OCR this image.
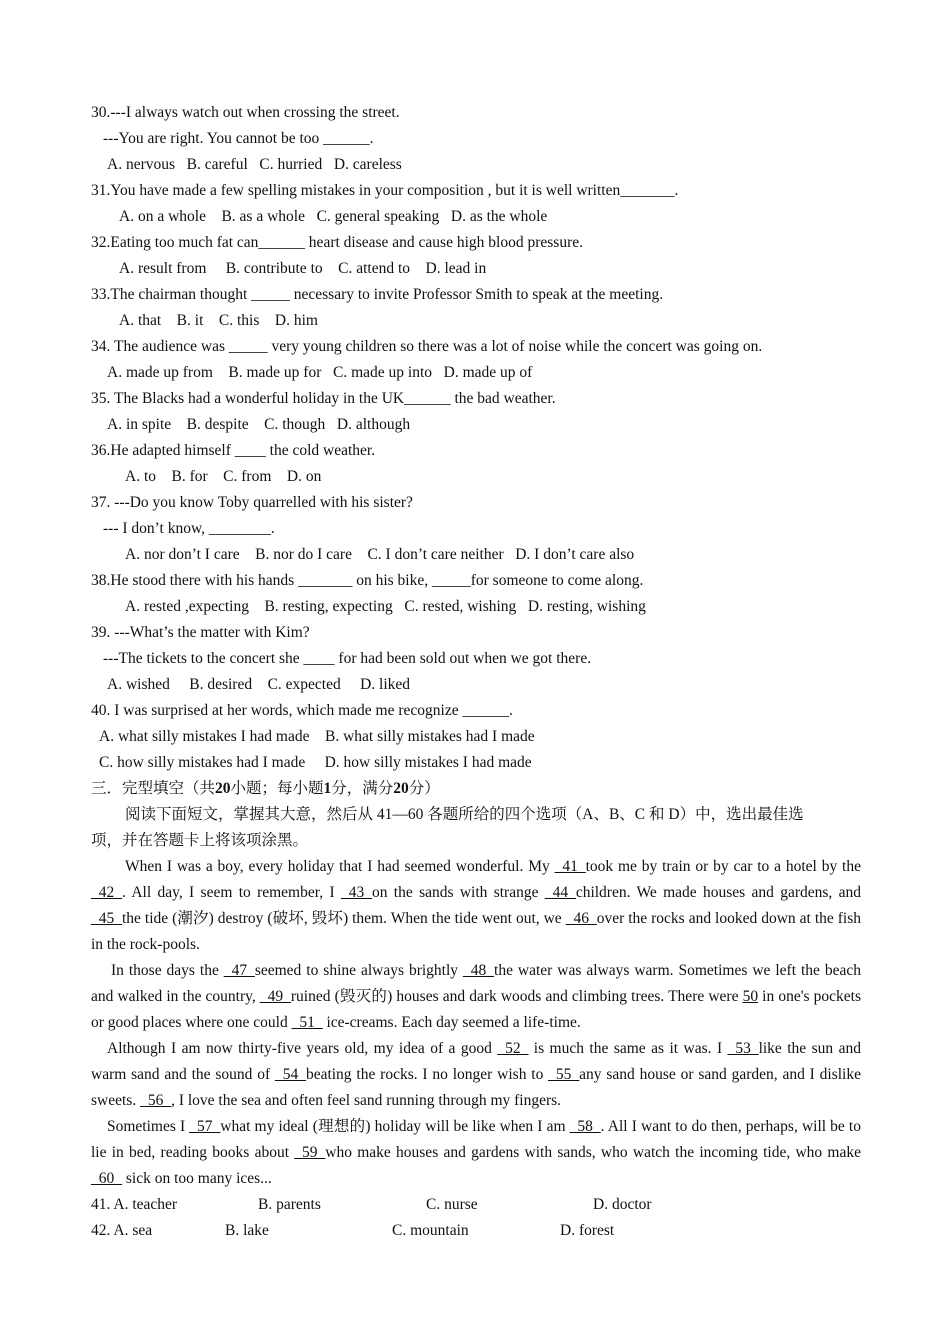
30.---I always watch out when crossing the street.
---You are right. You cannot be too ______.
A. nervous   B. careful   C. hurried   D. careless
31.You have made a few spelling mistakes in your composition , but it is well written_______.
A. on a whole    B. as a whole   C. general speaking   D. as the whole
32.Eating too much fat can______ heart disease and cause high blood pressure.
A. result from     B. contribute to    C. attend to    D. lead in
33.The chairman thought _____ necessary to invite Professor Smith to speak at the meeting.
A. that    B. it    C. this    D. him
34. The audience was _____ very young children so there was a lot of noise while the concert was going on.
A. made up from    B. made up for   C. made up into   D. made up of
35. The Blacks had a wonderful holiday in the UK______ the bad weather.
A. in spite    B. despite    C. though   D. although
36.He adapted himself ____ the cold weather.
A. to    B. for    C. from    D. on
37. ---Do you know Toby quarrelled with his sister?
--- I don’t know, ________.
A. nor don’t I care    B. nor do I care    C. I don’t care neither   D. I don’t care also
38.He stood there with his hands _______ on his bike, _____for someone to come along.
A. rested ,expecting    B. resting, expecting   C. rested, wishing   D. resting, wishing
39. ---What’s the matter with Kim?
---The tickets to the concert she ____ for had been sold out when we got there.
A. wished     B. desired    C. expected     D. liked
40. I was surprised at her words, which made me recognize ______.
A. what silly mistakes I had made    B. what silly mistakes had I made
C. how silly mistakes had I made     D. how silly mistakes I had made
三．完型填空（共20小题；每小题1分，满分20分）
阅读下面短文，掌握其大意，然后从 41—60 各题所给的四个选项（A、B、C 和 D）中，选出最佳选
项，并在答题卡上将该项涂黑。

When I was a boy, every holiday that I had seemed wonderful. My _41_took me by train or by car to a hotel by the _42_. All day, I seem to remember, I _43_on the sands with strange _44_children. We made houses and gardens, and _45_the tide (潮汐) destroy (破坏, 毁坏) them. When the tide went out, we _46_over the rocks and looked down at the fish in the rock-pools.

In those days the _47_seemed to shine always brightly _48_the water was always warm. Sometimes we left the beach and walked in the country, _49_ruined (毁灭的) houses and dark woods and climbing trees. There were 50 in one's pockets or good places where one could _51_ ice-creams. Each day seemed a life-time.

Although I am now thirty-five years old, my idea of a good _52_ is much the same as it was. I _53_like the sun and warm sand and the sound of _54_beating the rocks. I no longer wish to _55_any sand house or sand garden, and I dislike sweets. _56_, I love the sea and often feel sand running through my fingers.

Sometimes I _57_what my ideal (理想的) holiday will be like when I am _58_. All I want to do then, perhaps, will be to lie in bed, reading books about _59_who make houses and gardens with sands, who watch the incoming tide, who make _60_ sick on too many ices...

41. A. teacher	B. parents	C. nurse	D. doctor
42. A. sea	B. lake	C. mountain	D. forest
